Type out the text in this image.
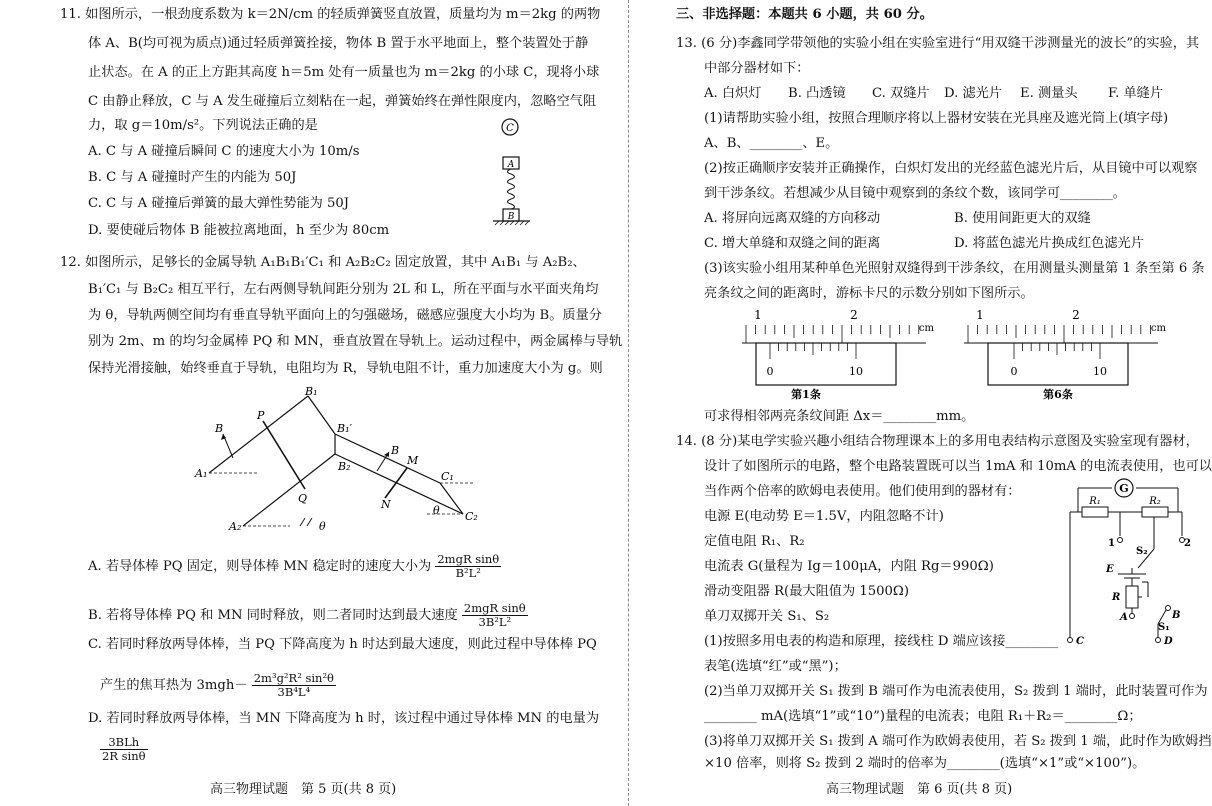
11. 如图所示，一根劲度系数为 k＝2N/cm 的轻质弹簧竖直放置，质量均为 m＝2kg 的两物
体 A、B(均可视为质点)通过轻质弹簧拴接，物体 B 置于水平地面上，整个装置处于静
止状态。在 A 的正上方距其高度 h＝5m 处有一质量也为 m＝2kg 的小球 C，现将小球
C 由静止释放，C 与 A 发生碰撞后立刻粘在一起，弹簧始终在弹性限度内，忽略空气阻
力，取 g＝10m/s²。下列说法正确的是
A. C 与 A 碰撞后瞬间 C 的速度大小为 10m/s
B. C 与 A 碰撞时产生的内能为 50J
C. C 与 A 碰撞后弹簧的最大弹性势能为 50J
D. 要使碰后物体 B 能被拉离地面，h 至少为 80cm
C
A
B
12. 如图所示，足够长的金属导轨 A₁B₁B₁′C₁ 和 A₂B₂C₂ 固定放置，其中 A₁B₁ 与 A₂B₂、
B₁′C₁ 与 B₂C₂ 相互平行，左右两侧导轨间距分别为 2L 和 L，所在平面与水平面夹角均
为 θ，导轨两侧空间均有垂直导轨平面向上的匀强磁场，磁感应强度大小均为 B。质量分
别为 2m、m 的均匀金属棒 PQ 和 MN，垂直放置在导轨上。运动过程中，两金属棒与导轨
保持光滑接触，始终垂直于导轨，电阻均为 R，导轨电阻不计，重力加速度大小为 g。则
B₁
B₁′
B₂
A₁
A₂
C₁
C₂
P
Q
M
N
B
B
θ
θ
A. 若导体棒 PQ 固定，则导体棒 MN 稳定时的速度大小为 $\frac{\text{2mgR sinθ}}{\text{B²L²}}$
B. 若将导体棒 PQ 和 MN 同时释放，则二者同时达到最大速度 $\frac{\text{2mgR sinθ}}{\text{3B²L²}}$
C. 若同时释放两导体棒，当 PQ 下降高度为 h 时达到最大速度，则此过程中导体棒 PQ
产生的焦耳热为 $3mgh- \frac{\text{2m³g²R² sin²θ}}{\text{3B⁴L⁴}}$
D. 若同时释放两导体棒，当 MN 下降高度为 h 时，该过程中通过导体棒 MN 的电量为
$\frac{\text{3BLh}}{\text{2R sinθ}}$
高三物理试题　第 5 页(共 8 页)
三、非选择题：本题共 6 小题，共 60 分。
13. (6 分)李鑫同学带领他的实验小组在实验室进行“用双缝干涉测量光的波长”的实验，其
中部分器材如下：
A. 白炽灯 B. 凸透镜 C. 双缝片 D. 滤光片 E. 测量头 F. 单缝片
(1)请帮助实验小组，按照合理顺序将以上器材安装在光具座及遮光筒上(填字母)
A、B、________、E。
(2)按正确顺序安装并正确操作，白炽灯发出的光经蓝色滤光片后，从目镜中可以观察
到干涉条纹。若想减少从目镜中观察到的条纹个数，该同学可________。
A. 将屏向远离双缝的方向移动	B. 使用间距更大的双缝
C. 增大单缝和双缝之间的距离	D. 将蓝色滤光片换成红色滤光片
(3)该实验小组用某种单色光照射双缝得到干涉条纹，在用测量头测量第 1 条至第 6 条
亮条纹之间的距离时，游标卡尺的示数分别如下图所示。
1	2
cm
0	10
第1条
1	2
cm
0	10
第6条
可求得相邻两亮条纹间距 Δx＝________mm。
14. (8 分)某电学实验兴趣小组结合物理课本上的多用电表结构示意图及实验室现有器材，
设计了如图所示的电路，整个电路装置既可以当 1mA 和 10mA 的电流表使用，也可以
当作两个倍率的欧姆电表使用。他们使用到的器材有：
电源 E(电动势 E＝1.5V，内阻忽略不计)
定值电阻 R₁、R₂
电流表 G(量程为 Ig＝100μA，内阻 Rg＝990Ω)
滑动变阻器 R(最大阻值为 1500Ω)
单刀双掷开关 S₁、S₂
(1)按照多用电表的构造和原理，接线柱 D 端应该接________
表笔(选填“红”或“黑”)；
(2)当单刀双掷开关 S₁ 拨到 B 端可作为电流表使用，S₂ 拨到 1 端时，此时装置可作为
________ mA(选填“1”或“10”)量程的电流表；电阻 R₁＋R₂＝________Ω；
(3)将单刀双掷开关 S₁ 拨到 A 端可作为欧姆表使用，若 S₂ 拨到 1 端，此时作为欧姆挡
×10 倍率，则将 S₂ 拨到 2 端时的倍率为________(选填“×1”或“×100”)。
G
R₁	R₂
1	2
S₂
E
R
A	B
S₁
C	D
高三物理试题　第 6 页(共 8 页)
